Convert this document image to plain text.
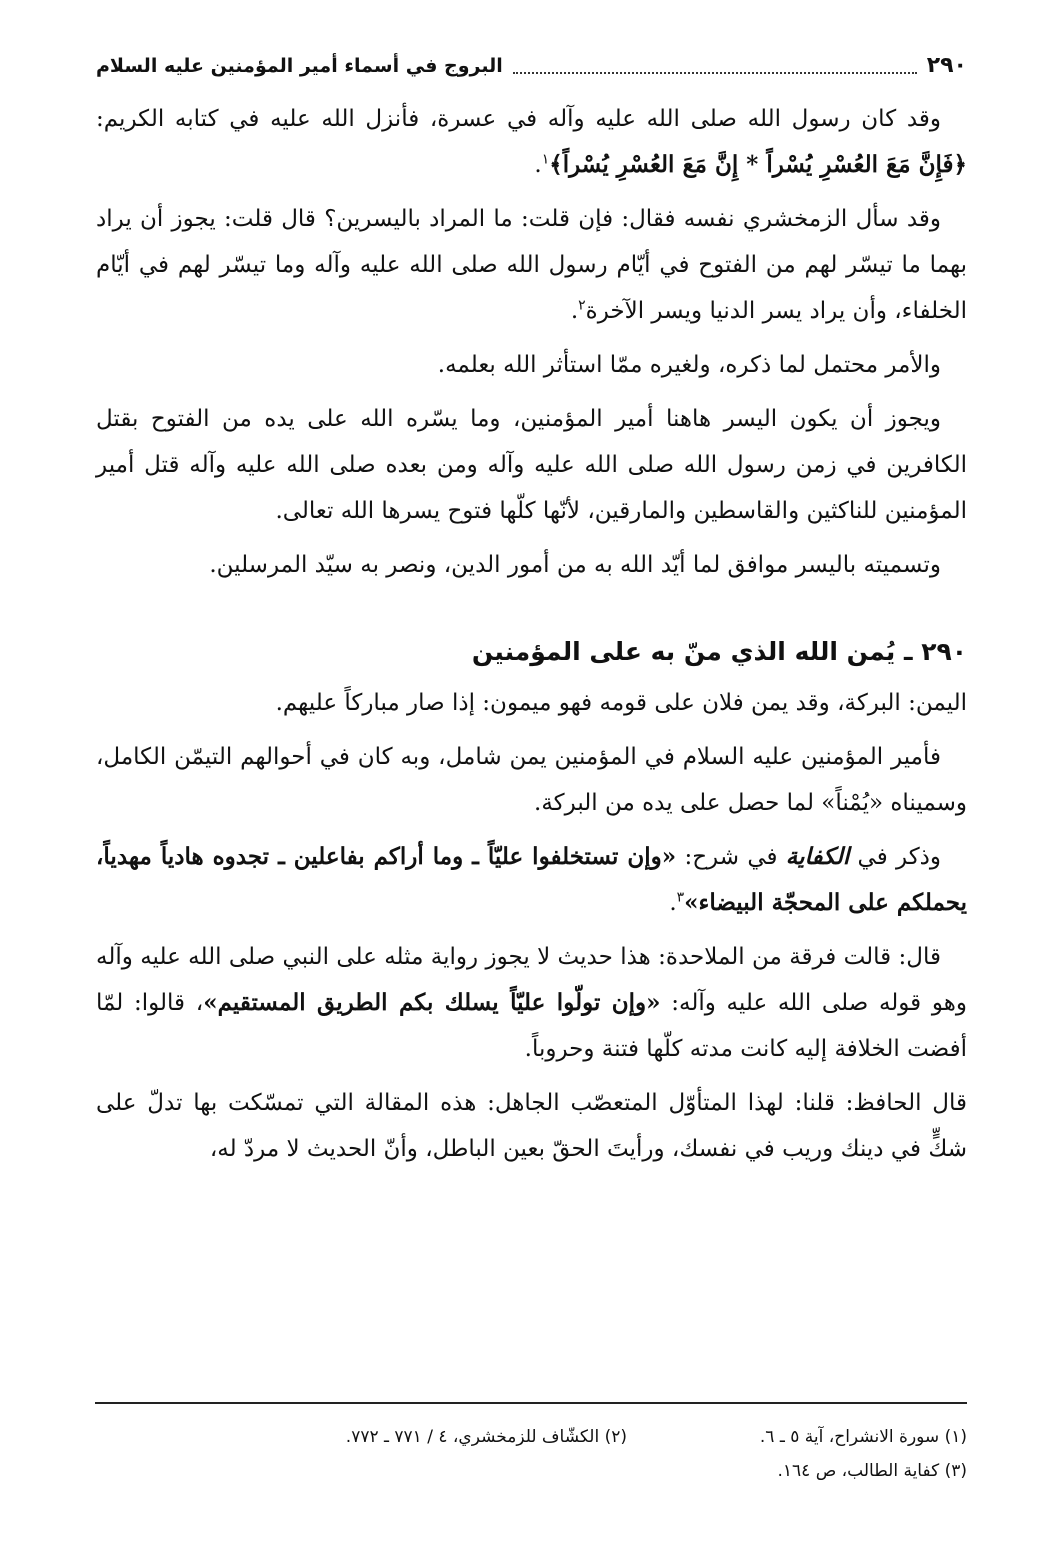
٢٩٠
البروج في أسماء أمير المؤمنين عليه السلام

وقد كان رسول الله صلى الله عليه وآله في عسرة، فأنزل الله عليه في كتابه الكريم: ﴿فَإِنَّ مَعَ العُسْرِ يُسْراً * إِنَّ مَعَ العُسْرِ يُسْراً﴾$^١$.

وقد سأل الزمخشري نفسه فقال: فإن قلت: ما المراد باليسرين؟ قال قلت: يجوز أن يراد بهما ما تيسّر لهم من الفتوح في أيّام رسول الله صلى الله عليه وآله وما تيسّر لهم في أيّام الخلفاء، وأن يراد يسر الدنيا ويسر الآخرة$^٢$.

والأمر محتمل لما ذكره، ولغيره ممّا استأثر الله بعلمه.

ويجوز أن يكون اليسر هاهنا أمير المؤمنين، وما يسّره الله على يده من الفتوح بقتل الكافرين في زمن رسول الله صلى الله عليه وآله ومن بعده صلى الله عليه وآله قتل أمير المؤمنين للناكثين والقاسطين والمارقين، لأنّها كلّها فتوح يسرها الله تعالى.

وتسميته باليسر موافق لما أيّد الله به من أمور الدين، ونصر به سيّد المرسلين.

٢٩٠ ـ يُمن الله الذي منّ به على المؤمنين

اليمن: البركة، وقد يمن فلان على قومه فهو ميمون: إذا صار مباركاً عليهم.

فأمير المؤمنين عليه السلام في المؤمنين يمن شامل، وبه كان في أحوالهم التيمّن الكامل، وسميناه «يُمْناً» لما حصل على يده من البركة.

وذكر في الكفاية في شرح: «وإن تستخلفوا عليّاً ـ وما أراكم بفاعلين ـ تجدوه هادياً مهدياً، يحملكم على المحجّة البيضاء»$^٣$.

قال: قالت فرقة من الملاحدة: هذا حديث لا يجوز رواية مثله على النبي صلى الله عليه وآله وهو قوله صلى الله عليه وآله: «وإن تولّوا عليّاً يسلك بكم الطريق المستقيم»، قالوا: لمّا أفضت الخلافة إليه كانت مدته كلّها فتنة وحروباً.

قال الحافظ: قلنا: لهذا المتأوّل المتعصّب الجاهل: هذه المقالة التي تمسّكت بها تدلّ على شكٍّ في دينك وريب في نفسك، ورأيتَ الحقّ بعين الباطل، وأنّ الحديث لا مردّ له،

(١) سورة الانشراح، آية ٥ ـ ٦.
(٢) الكشّاف للزمخشري، ٤ / ٧٧١ ـ ٧٧٢.
(٣) كفاية الطالب، ص ١٦٤.
